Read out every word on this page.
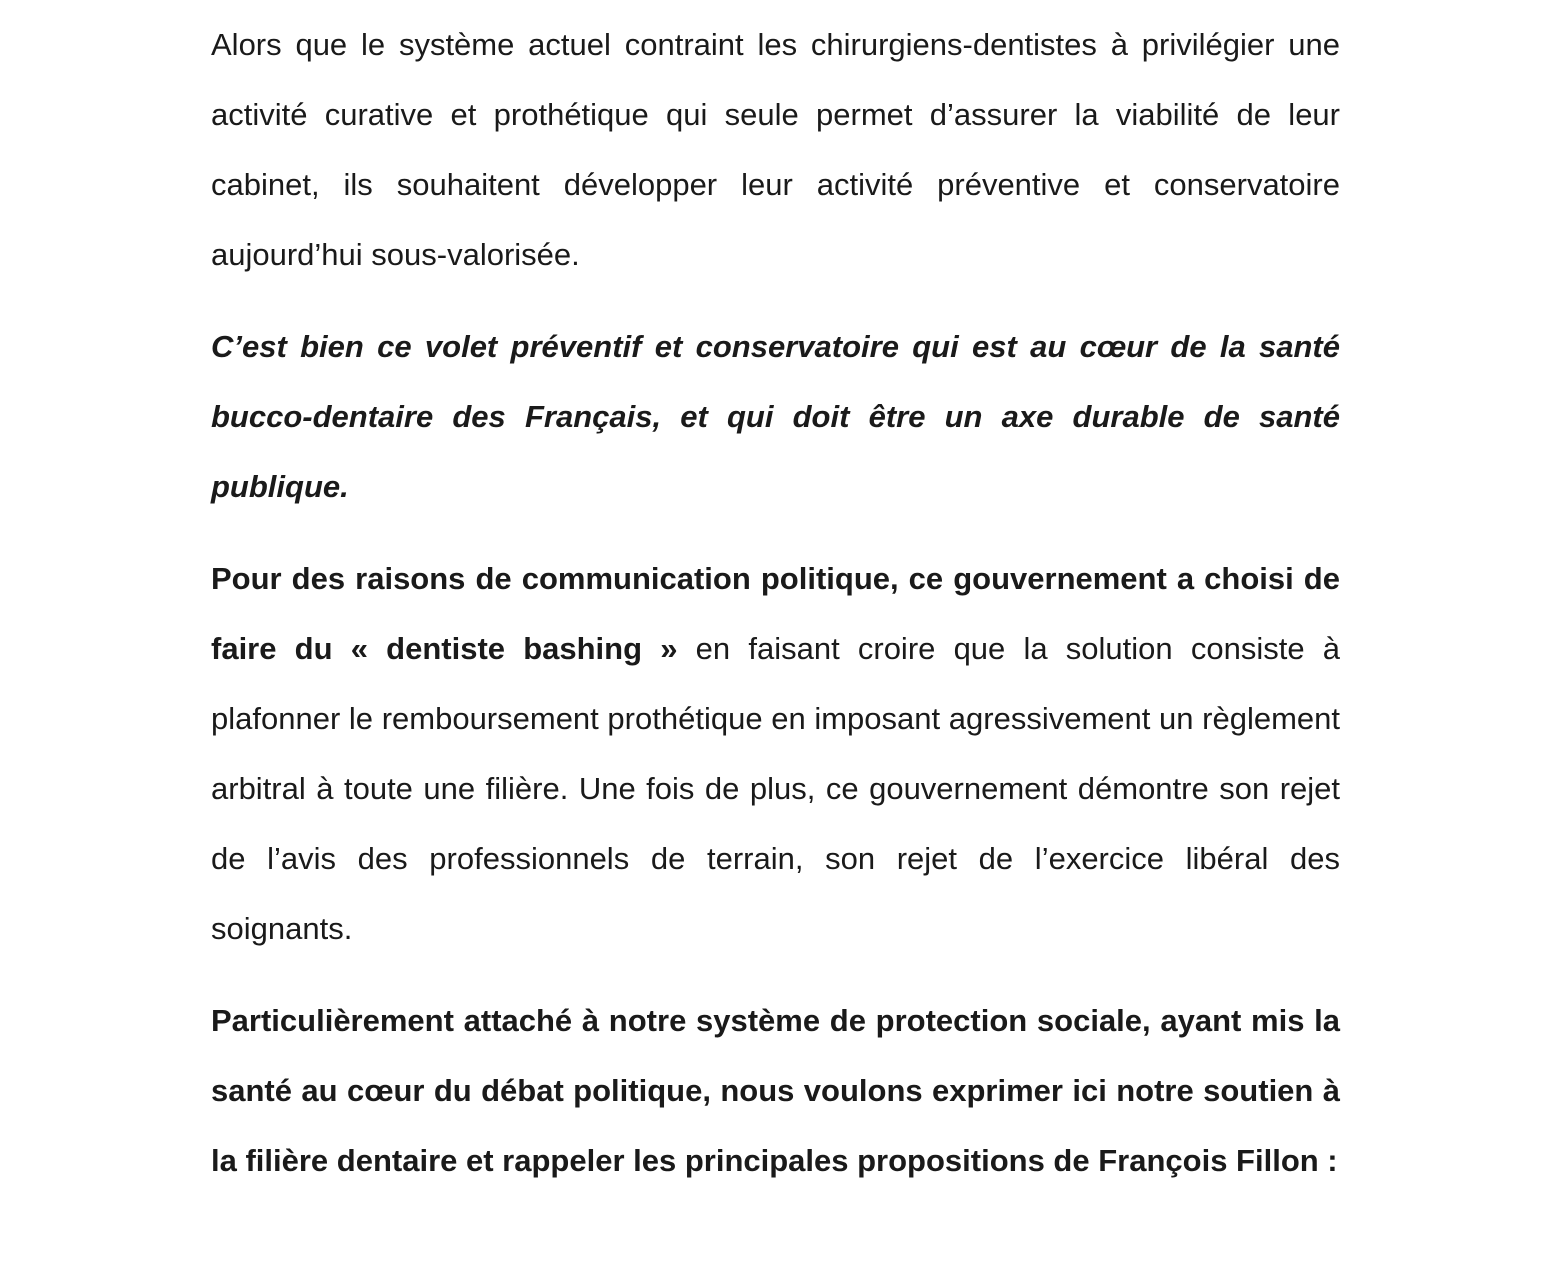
Alors que le système actuel contraint les chirurgiens-dentistes à privilégier une activité curative et prothétique qui seule permet d’assurer la viabilité de leur cabinet, ils souhaitent développer leur activité préventive et conservatoire aujourd’hui sous-valorisée.

C’est bien ce volet préventif et conservatoire qui est au cœur de la santé bucco-dentaire des Français, et qui doit être un axe durable de santé publique.

Pour des raisons de communication politique, ce gouvernement a choisi de faire du « dentiste bashing » en faisant croire que la solution consiste à plafonner le remboursement prothétique en imposant agressivement un règlement arbitral à toute une filière. Une fois de plus, ce gouvernement démontre son rejet de l’avis des professionnels de terrain, son rejet de l’exercice libéral des soignants.

Particulièrement attaché à notre système de protection sociale, ayant mis la santé au cœur du débat politique, nous voulons exprimer ici notre soutien à la filière dentaire et rappeler les principales propositions de François Fillon :
